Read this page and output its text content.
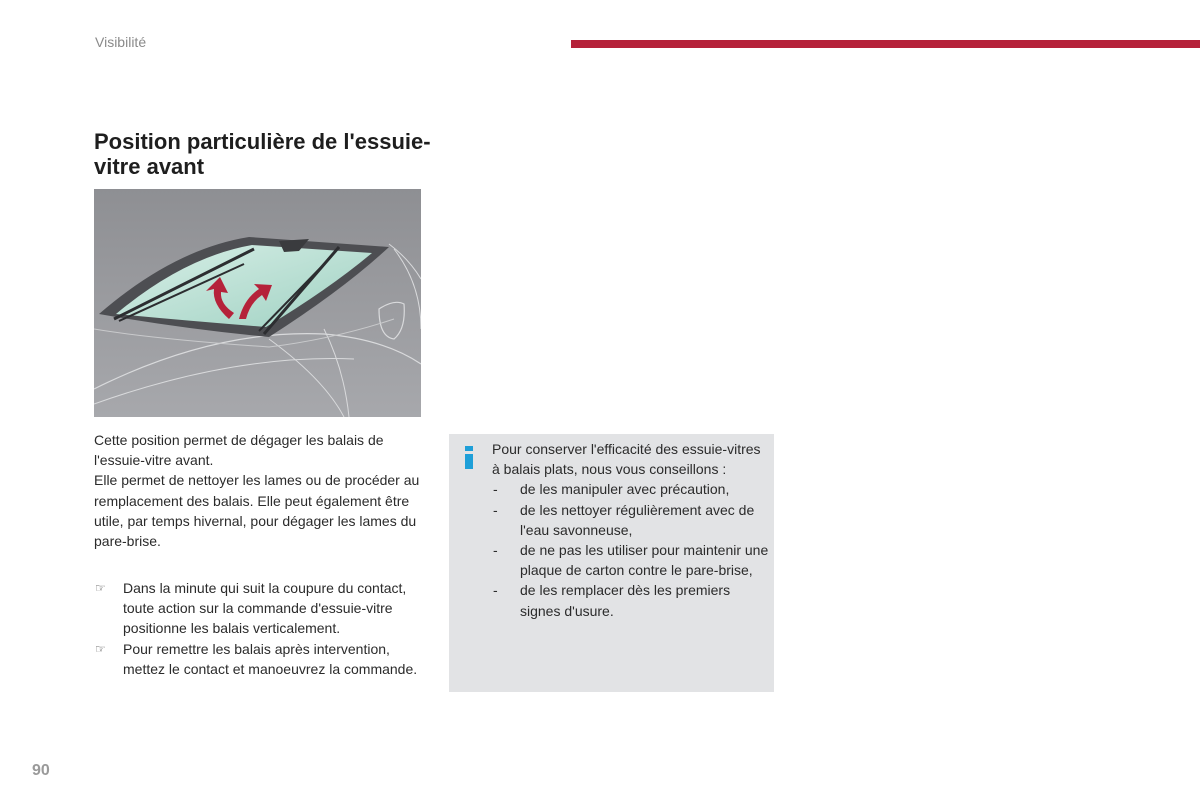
Visibilité
Position particulière de l'essuie-vitre avant

Cette position permet de dégager les balais de l'essuie-vitre avant.

Elle permet de nettoyer les lames ou de procéder au remplacement des balais. Elle peut également être utile, par temps hivernal, pour dégager les lames du pare-brise.

☞ Dans la minute qui suit la coupure du contact, toute action sur la commande d'essuie-vitre positionne les balais verticalement.
☞ Pour remettre les balais après intervention, mettez le contact et manoeuvrez la commande.

Pour conserver l'efficacité des essuie-vitres à balais plats, nous vous conseillons :

- de les manipuler avec précaution,
- de les nettoyer régulièrement avec de l'eau savonneuse,
- de ne pas les utiliser pour maintenir une plaque de carton contre le pare-brise,
- de les remplacer dès les premiers signes d'usure.
90
